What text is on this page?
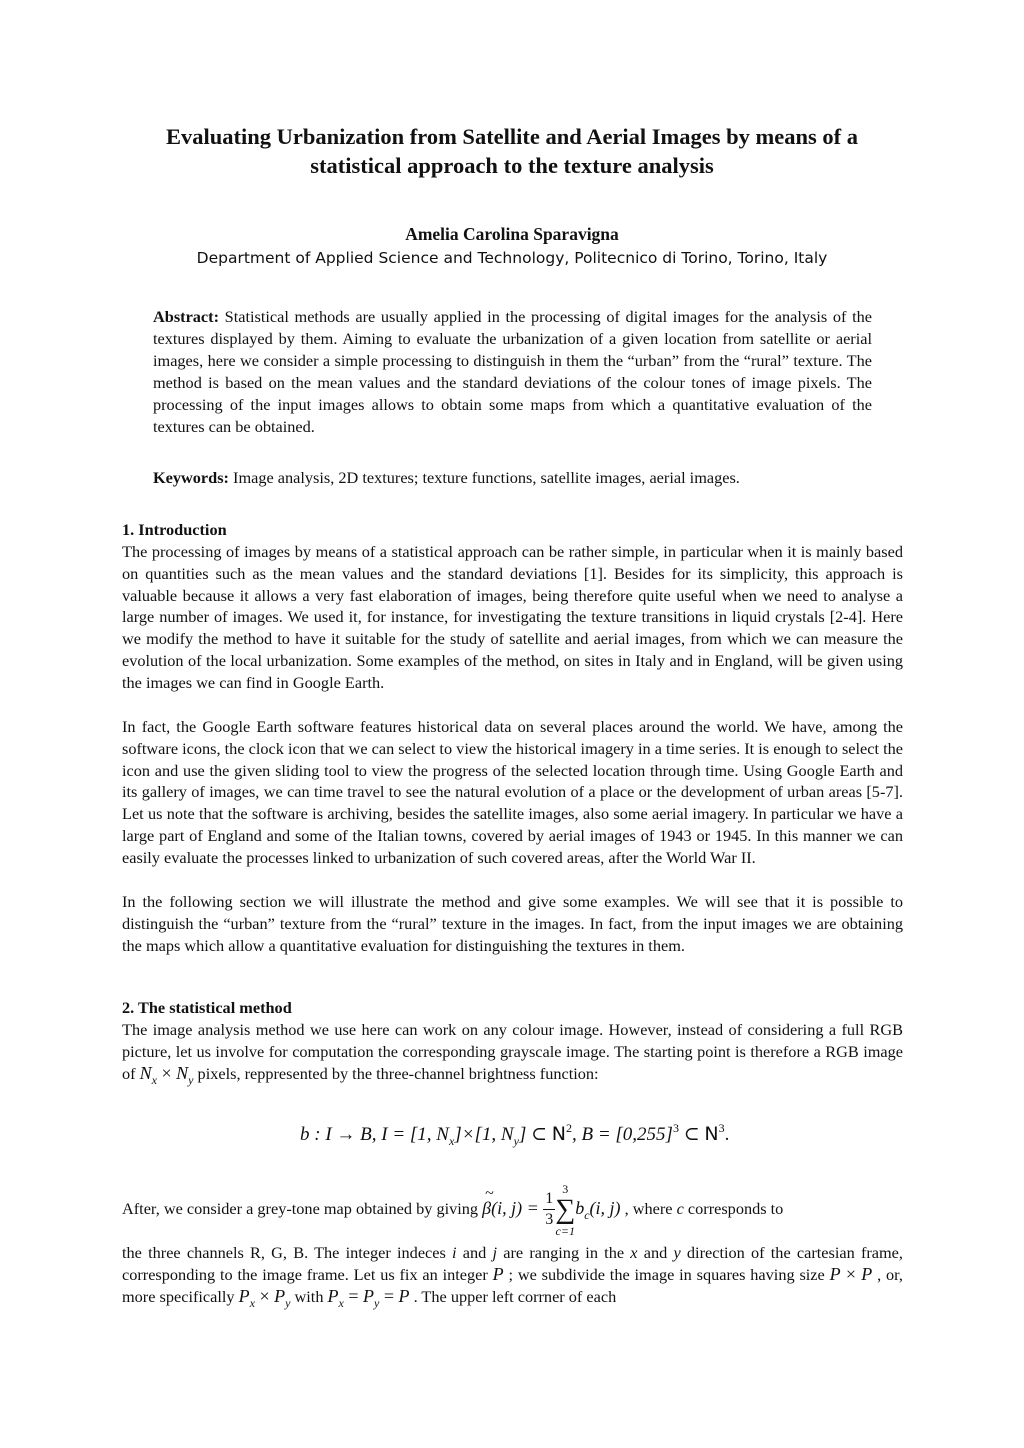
Evaluating Urbanization from Satellite and Aerial Images by means of a
statistical approach to the texture analysis
Amelia Carolina Sparavigna
Department of Applied Science and Technology, Politecnico di Torino, Torino, Italy
Abstract: Statistical methods are usually applied in the processing of digital images for the analysis of the textures displayed by them. Aiming to evaluate the urbanization of a given location from satellite or aerial images, here we consider a simple processing to distinguish in them the “urban” from the “rural” texture. The method is based on the mean values and the standard deviations of the colour tones of image pixels. The processing of the input images allows to obtain some maps from which a quantitative evaluation of the textures can be obtained.
Keywords: Image analysis, 2D textures; texture functions, satellite images, aerial images.
1. Introduction

The processing of images by means of a statistical approach can be rather simple, in particular when it is mainly based on quantities such as the mean values and the standard deviations [1]. Besides for its simplicity, this approach is valuable because it allows a very fast elaboration of images, being therefore quite useful when we need to analyse a large number of images. We used it, for instance, for investigating the texture transitions in liquid crystals [2-4]. Here we modify the method to have it suitable for the study of satellite and aerial images, from which we can measure the evolution of the local urbanization. Some examples of the method, on sites in Italy and in England, will be given using the images we can find in Google Earth.

In fact, the Google Earth software features historical data on several places around the world. We have, among the software icons, the clock icon that we can select to view the historical imagery in a time series. It is enough to select the icon and use the given sliding tool to view the progress of the selected location through time. Using Google Earth and its gallery of images, we can time travel to see the natural evolution of a place or the development of urban areas [5-7]. Let us note that the software is archiving, besides the satellite images, also some aerial imagery. In particular we have a large part of England and some of the Italian towns, covered by aerial images of 1943 or 1945. In this manner we can easily evaluate the processes linked to urbanization of such covered areas, after the World War II.

In the following section we will illustrate the method and give some examples. We will see that it is possible to distinguish the “urban” texture from the “rural” texture in the images. In fact, from the input images we are obtaining the maps which allow a quantitative evaluation for distinguishing the textures in them.

2. The statistical method

The image analysis method we use here can work on any colour image. However, instead of considering a full RGB picture, let us involve for computation the corresponding grayscale image. The starting point is therefore a RGB image of $N_x \times N_y$ pixels, reppresented by the three-channel brightness function:

b : I → B, I = [1, $N_x]\times[1$, $N_y$] ⊂ $N^2$, $B = [0,255]^3$ ⊂ $N^3$.

After, we consider a grey-tone map obtained by giving ~ β(i, $j) = \frac{1}{3}$
3
∑
c=1
$b_c(i$, j) , where c corresponds to

the three channels R, G, B. The integer indeces i and j are ranging in the x and y direction of the cartesian frame, corresponding to the image frame. Let us fix an integer P ; we subdivide the image in squares having size P × P , or, more specifically $P_x \times P_y$ with $P_x = P_y = P$ . The upper left corrner of each
